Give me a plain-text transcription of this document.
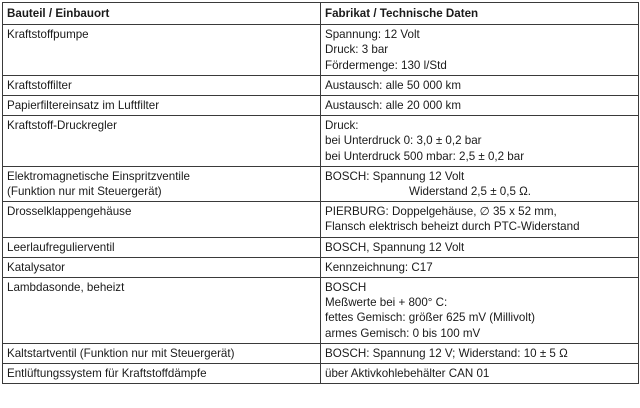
Bauteil / Einbauort	Fabrikat / Technische Daten

Kraftstoffpumpe	Spannung: 12 Volt
Druck: 3 bar
Fördermenge: 130 l/Std

Kraftstoffilter	Austausch: alle 50 000 km

Papierfiltereinsatz im Luftfilter	Austausch: alle 20 000 km

Kraftstoff-Druckregler	Druck:
bei Unterdruck 0: 3,0 ± 0,2 bar
bei Unterdruck 500 mbar: 2,5 ± 0,2 bar

Elektromagnetische Einspritzventile
(Funktion nur mit Steuergerät)	BOSCH: Spannung 12 Volt
Widerstand 2,5 ± 0,5 Ω.

Drosselklappengehäuse	PIERBURG: Doppelgehäuse, ∅ 35 x 52 mm,
Flansch elektrisch beheizt durch PTC-Widerstand

Leerlaufregulierventil	BOSCH, Spannung 12 Volt

Katalysator	Kennzeichnung: C17

Lambdasonde, beheizt	BOSCH
Meßwerte bei + 800° C:
fettes Gemisch: größer 625 mV (Millivolt)
armes Gemisch: 0 bis 100 mV

Kaltstartventil (Funktion nur mit Steuergerät)	BOSCH: Spannung 12 V; Widerstand: 10 ± 5 Ω

Entlüftungssystem für Kraftstoffdämpfe	über Aktivkohlebehälter CAN 01
